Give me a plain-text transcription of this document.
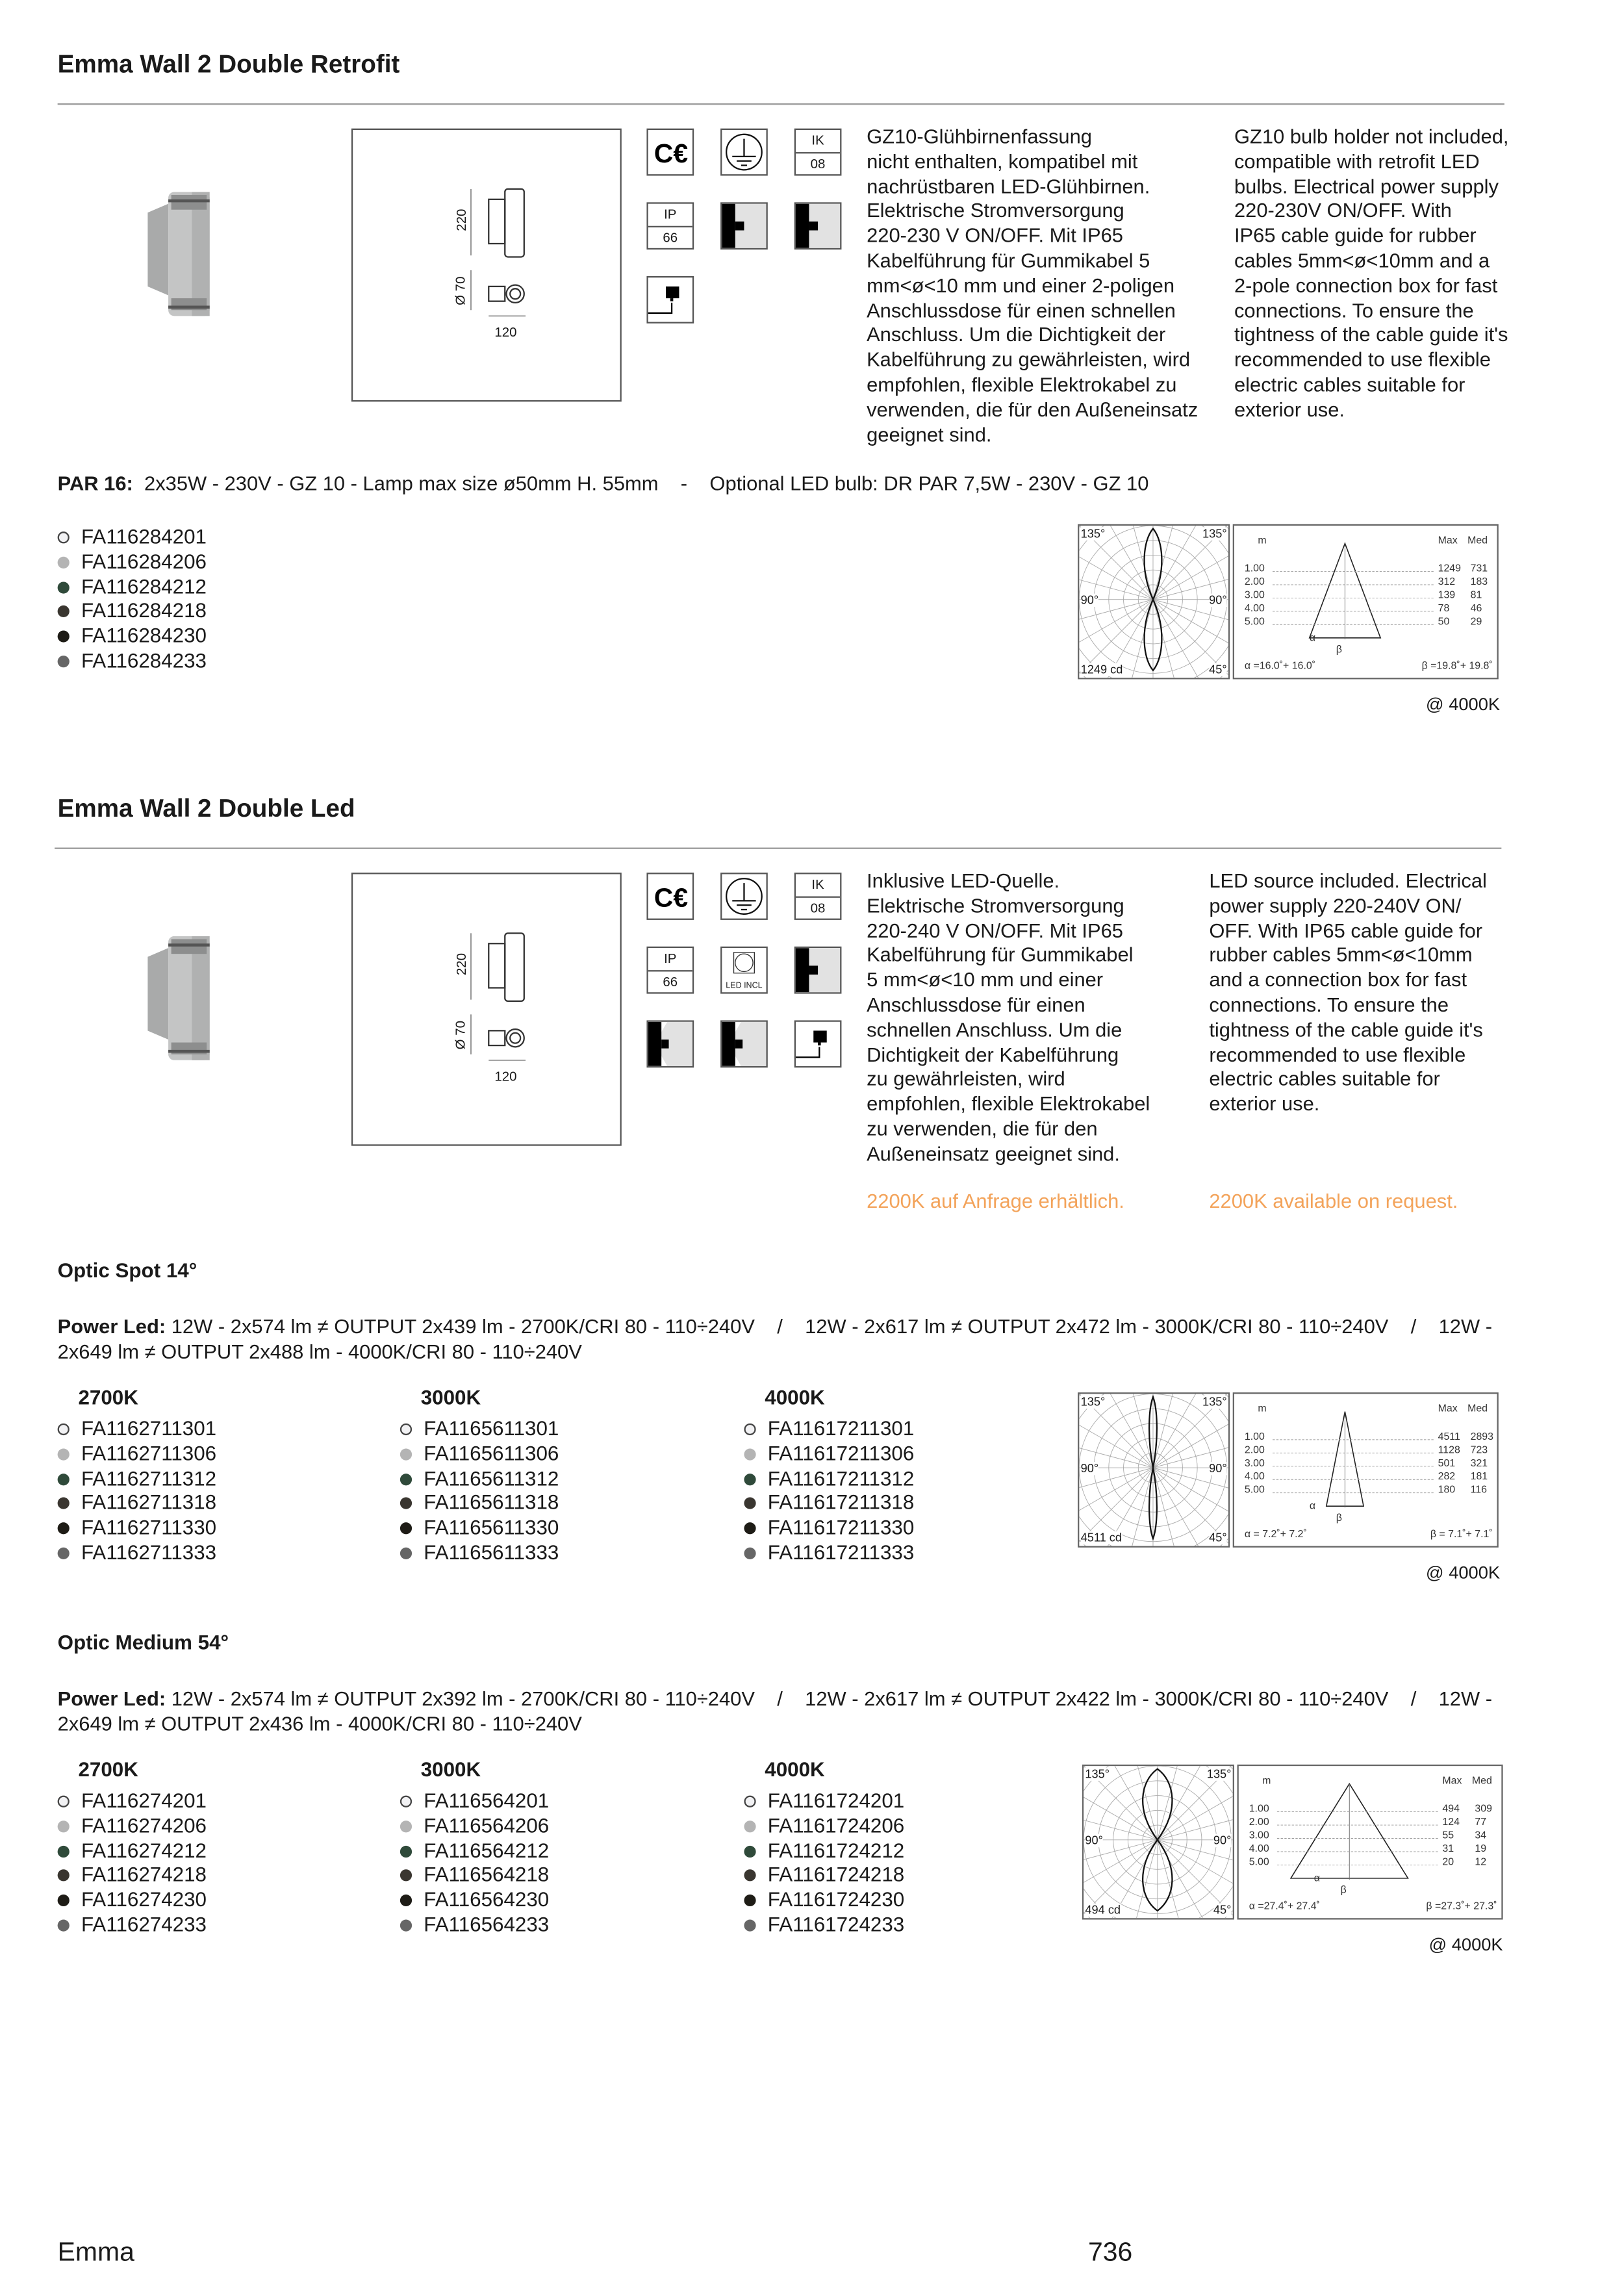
Emma Wall 2 Double Retrofit
220
Ø 70
120
C€	IK
08
IP
66
GZ10-Glühbirnenfassung
nicht enthalten, kompatibel mit
nachrüstbaren LED-Glühbirnen.
Elektrische Stromversorgung
220-230 V ON/OFF. Mit IP65
Kabelführung für Gummikabel 5
mm<ø<10 mm und einer 2-poligen
Anschlussdose für einen schnellen
Anschluss. Um die Dichtigkeit der
Kabelführung zu gewährleisten, wird
empfohlen, flexible Elektrokabel zu
verwenden, die für den Außeneinsatz
geeignet sind.
GZ10 bulb holder not included,
compatible with retrofit LED
bulbs. Electrical power supply
220-230V ON/OFF. With
IP65 cable guide for rubber
cables 5mm<ø<10mm and a
2-pole connection box for fast
connections. To ensure the
tightness of the cable guide it's
recommended to use flexible
electric cables suitable for
exterior use.
PAR 16: 2x35W - 230V - GZ 10 - Lamp max size ø50mm H. 55mm    -    Optional LED bulb: DR PAR 7,5W - 230V - GZ 10
FA116284201
FA116284206
FA116284212
FA116284218
FA116284230
FA116284233
135°	135°
90°	90°
45°
1249 cd
m	Max Med
1.00	1249 731
2.00	312	183
3.00	139	81
4.00	78	46
5.00	50	29
α
β
α =16.0˚+ 16.0˚	β =19.8˚+ 19.8˚
@ 4000K
Emma Wall 2 Double Led
220
Ø 70
120
C€	IK
08
IP
66	LED INCL
Inklusive LED-Quelle.
Elektrische Stromversorgung
220-240 V ON/OFF. Mit IP65
Kabelführung für Gummikabel
5 mm<ø<10 mm und einer
Anschlussdose für einen
schnellen Anschluss. Um die
Dichtigkeit der Kabelführung
zu gewährleisten, wird
empfohlen, flexible Elektrokabel
zu verwenden, die für den
Außeneinsatz geeignet sind.
LED source included. Electrical
power supply 220-240V ON/
OFF. With IP65 cable guide for
rubber cables 5mm<ø<10mm
and a connection box for fast
connections. To ensure the
tightness of the cable guide it's
recommended to use flexible
electric cables suitable for
exterior use.
2200K auf Anfrage erhältlich.	2200K available on request.
Optic Spot 14°
Power Led: 12W - 2x574 lm ≠ OUTPUT 2x439 lm - 2700K/CRI 80 - 110÷240V    /    12W - 2x617 lm ≠ OUTPUT 2x472 lm - 3000K/CRI 80 - 110÷240V    /    12W -
2x649 lm ≠ OUTPUT 2x488 lm - 4000K/CRI 80 - 110÷240V
2700K
FA1162711301
FA1162711306
FA1162711312
FA1162711318
FA1162711330
FA1162711333
3000K
FA1165611301
FA1165611306
FA1165611312
FA1165611318
FA1165611330
FA1165611333
4000K
FA11617211301
FA11617211306
FA11617211312
FA11617211318
FA11617211330
FA11617211333
135°	135°
90°	90°
45°
4511 cd
m	Max Med
1.00	4511 2893
2.00	1128 723
3.00	501	321
4.00	282	181
5.00	180	116
α
β
α = 7.2˚+ 7.2˚	β = 7.1˚+ 7.1˚
@ 4000K
Optic Medium 54°
Power Led: 12W - 2x574 lm ≠ OUTPUT 2x392 lm - 2700K/CRI 80 - 110÷240V    /    12W - 2x617 lm ≠ OUTPUT 2x422 lm - 3000K/CRI 80 - 110÷240V    /    12W -
2x649 lm ≠ OUTPUT 2x436 lm - 4000K/CRI 80 - 110÷240V
2700K
FA116274201
FA116274206
FA116274212
FA116274218
FA116274230
FA116274233
3000K
FA116564201
FA116564206
FA116564212
FA116564218
FA116564230
FA116564233
4000K
FA1161724201
FA1161724206
FA1161724212
FA1161724218
FA1161724230
FA1161724233
135°	135°
90°	90°
45°
494 cd
m	Max Med
1.00	494	309
2.00	124	77
3.00	55	34
4.00	31	19
5.00	20	12
α
β
α =27.4˚+ 27.4˚	β =27.3˚+ 27.3˚
@ 4000K
Emma	736
